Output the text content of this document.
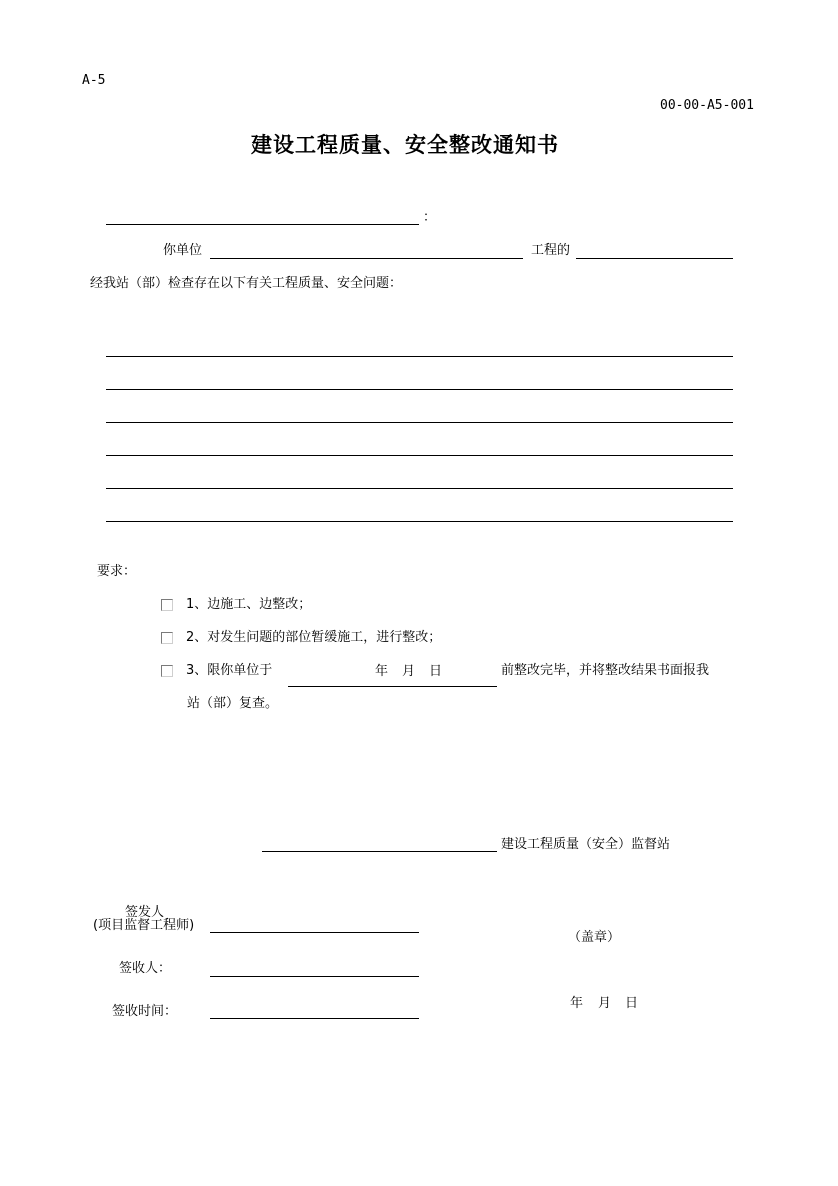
A-5
00-00-A5-001
建设工程质量、安全整改通知书
：
你单位	工程的
经我站（部）检查存在以下有关工程质量、安全问题：
要求：
1、边施工、边整改；
2、对发生问题的部位暂缓施工，进行整改；
3、限你单位于	年 月 日	前整改完毕，并将整改结果书面报我
站（部）复查。
建设工程质量（安全）监督站
签发人
(项目监督工程师)
（盖章）
签收人：
年 月 日
签收时间：
